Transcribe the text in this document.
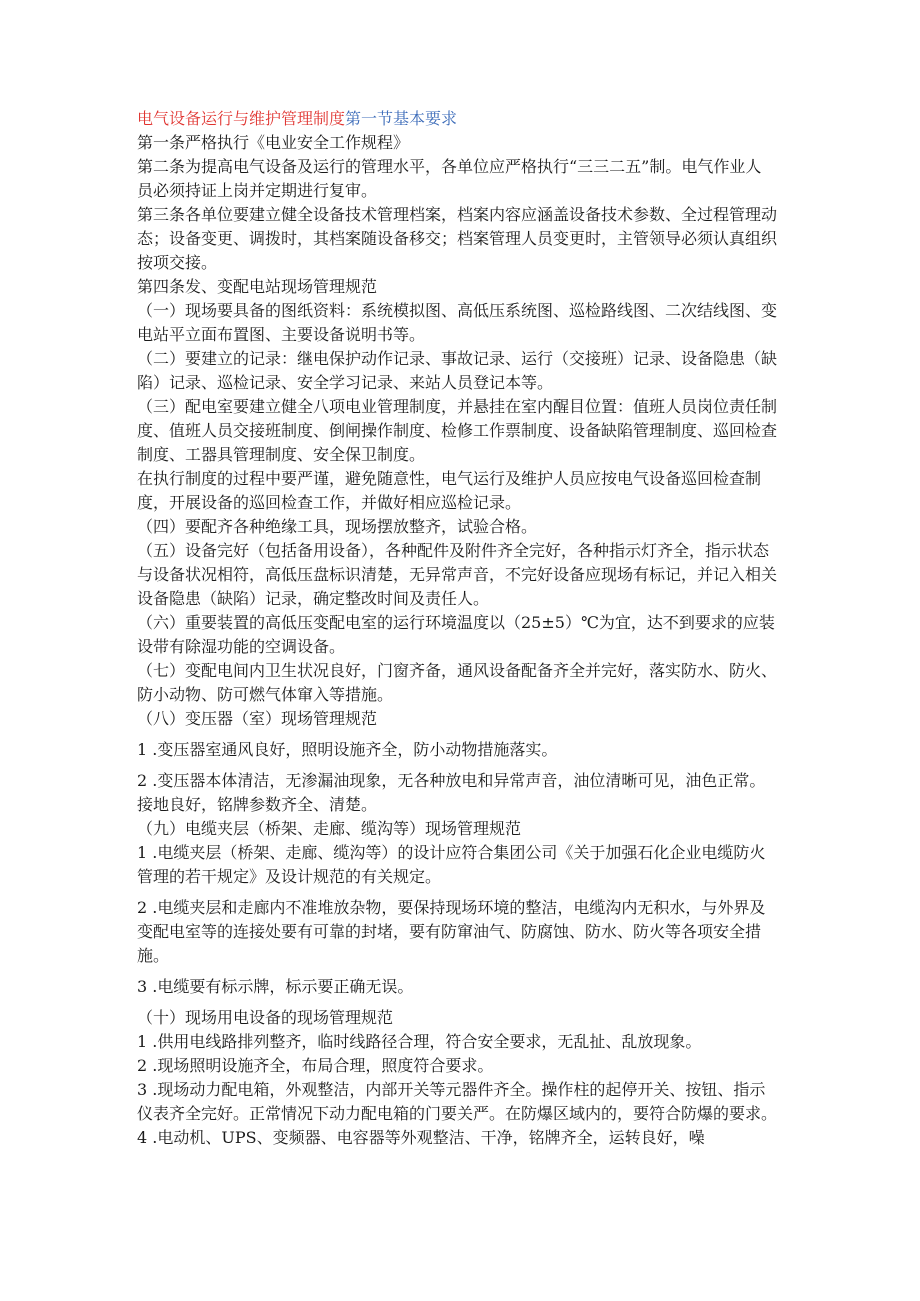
电气设备运行与维护管理制度第一节基本要求

第一条严格执行《电业安全工作规程》

第二条为提高电气设备及运行的管理水平，各单位应严格执行“三三二五”制。电气作业人员必须持证上岗并定期进行复审。

第三条各单位要建立健全设备技术管理档案，档案内容应涵盖设备技术参数、全过程管理动态；设备变更、调拨时，其档案随设备移交；档案管理人员变更时，主管领导必须认真组织按项交接。

第四条发、变配电站现场管理规范

（一）现场要具备的图纸资料：系统模拟图、高低压系统图、巡检路线图、二次结线图、变电站平立面布置图、主要设备说明书等。

（二）要建立的记录：继电保护动作记录、事故记录、运行（交接班）记录、设备隐患（缺陷）记录、巡检记录、安全学习记录、来站人员登记本等。

（三）配电室要建立健全八项电业管理制度，并悬挂在室内醒目位置：值班人员岗位责任制度、值班人员交接班制度、倒闸操作制度、检修工作票制度、设备缺陷管理制度、巡回检查制度、工器具管理制度、安全保卫制度。

在执行制度的过程中要严谨，避免随意性，电气运行及维护人员应按电气设备巡回检查制度，开展设备的巡回检查工作，并做好相应巡检记录。

（四）要配齐各种绝缘工具，现场摆放整齐，试验合格。

（五）设备完好（包括备用设备），各种配件及附件齐全完好，各种指示灯齐全，指示状态与设备状况相符，高低压盘标识清楚，无异常声音，不完好设备应现场有标记，并记入相关设备隐患（缺陷）记录，确定整改时间及责任人。

（六）重要装置的高低压变配电室的运行环境温度以（25±5）℃为宜，达不到要求的应装设带有除湿功能的空调设备。

（七）变配电间内卫生状况良好，门窗齐备，通风设备配备齐全并完好，落实防水、防火、防小动物、防可燃气体窜入等措施。

（八）变压器（室）现场管理规范

1 .变压器室通风良好，照明设施齐全，防小动物措施落实。

2 .变压器本体清洁，无渗漏油现象，无各种放电和异常声音，油位清晰可见，油色正常。接地良好，铭牌参数齐全、清楚。

（九）电缆夹层（桥架、走廊、缆沟等）现场管理规范

1 .电缆夹层（桥架、走廊、缆沟等）的设计应符合集团公司《关于加强石化企业电缆防火管理的若干规定》及设计规范的有关规定。

2 .电缆夹层和走廊内不准堆放杂物，要保持现场环境的整洁，电缆沟内无积水，与外界及变配电室等的连接处要有可靠的封堵，要有防窜油气、防腐蚀、防水、防火等各项安全措施。

3 .电缆要有标示牌，标示要正确无误。

（十）现场用电设备的现场管理规范

1 .供用电线路排列整齐，临时线路径合理，符合安全要求，无乱扯、乱放现象。

2 .现场照明设施齐全，布局合理，照度符合要求。

3 .现场动力配电箱，外观整洁，内部开关等元器件齐全。操作柱的起停开关、按钮、指示仪表齐全完好。正常情况下动力配电箱的门要关严。在防爆区域内的，要符合防爆的要求。

4 .电动机、UPS、变频器、电容器等外观整洁、干净，铭牌齐全，运转良好，噪
